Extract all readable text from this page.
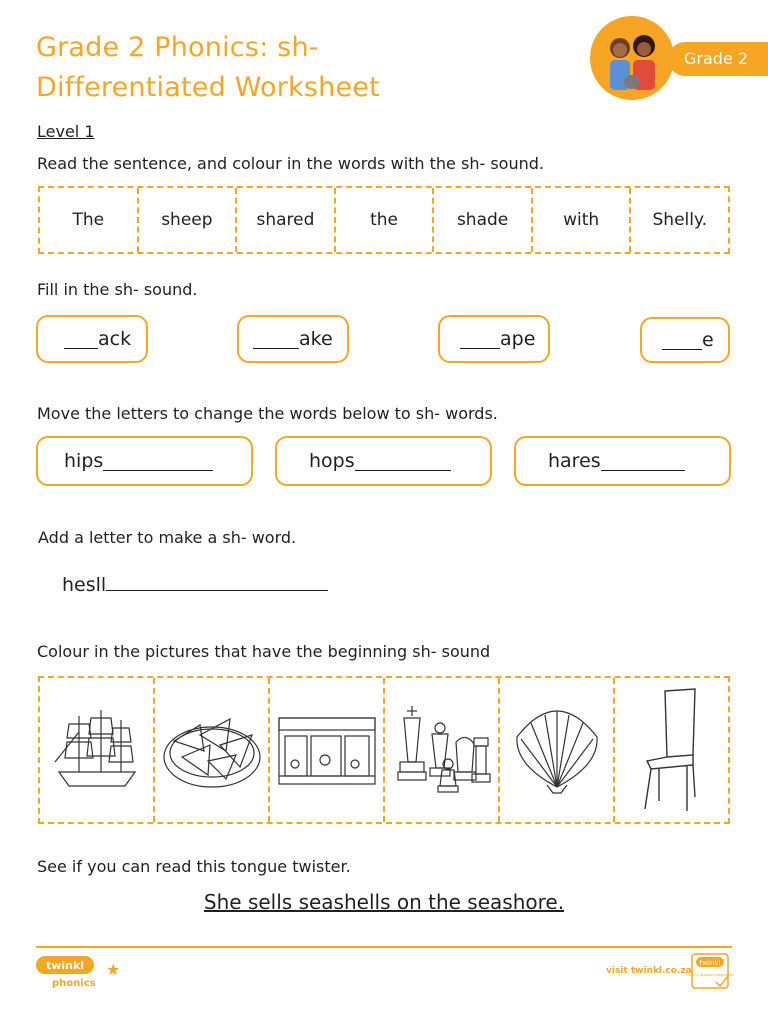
Grade 2 Phonics: sh-
Differentiated Worksheet
Grade 2
Level 1
Read the sentence, and colour in the words with the sh- sound.
The	sheep	shared	the	shade	with	Shelly.
Fill in the sh- sound.
ack	ake	ape	e
Move the letters to change the words below to sh- words.
hips	hops	hares
Add a letter to make a sh- word.
hesll
Colour in the pictures that have the beginning sh- sound
See if you can read this tongue twister.
She sells seashells on the seashore.
twinkl
phonics
★	visit twinkl.co.za
twinkl
Quality Standard Approved
